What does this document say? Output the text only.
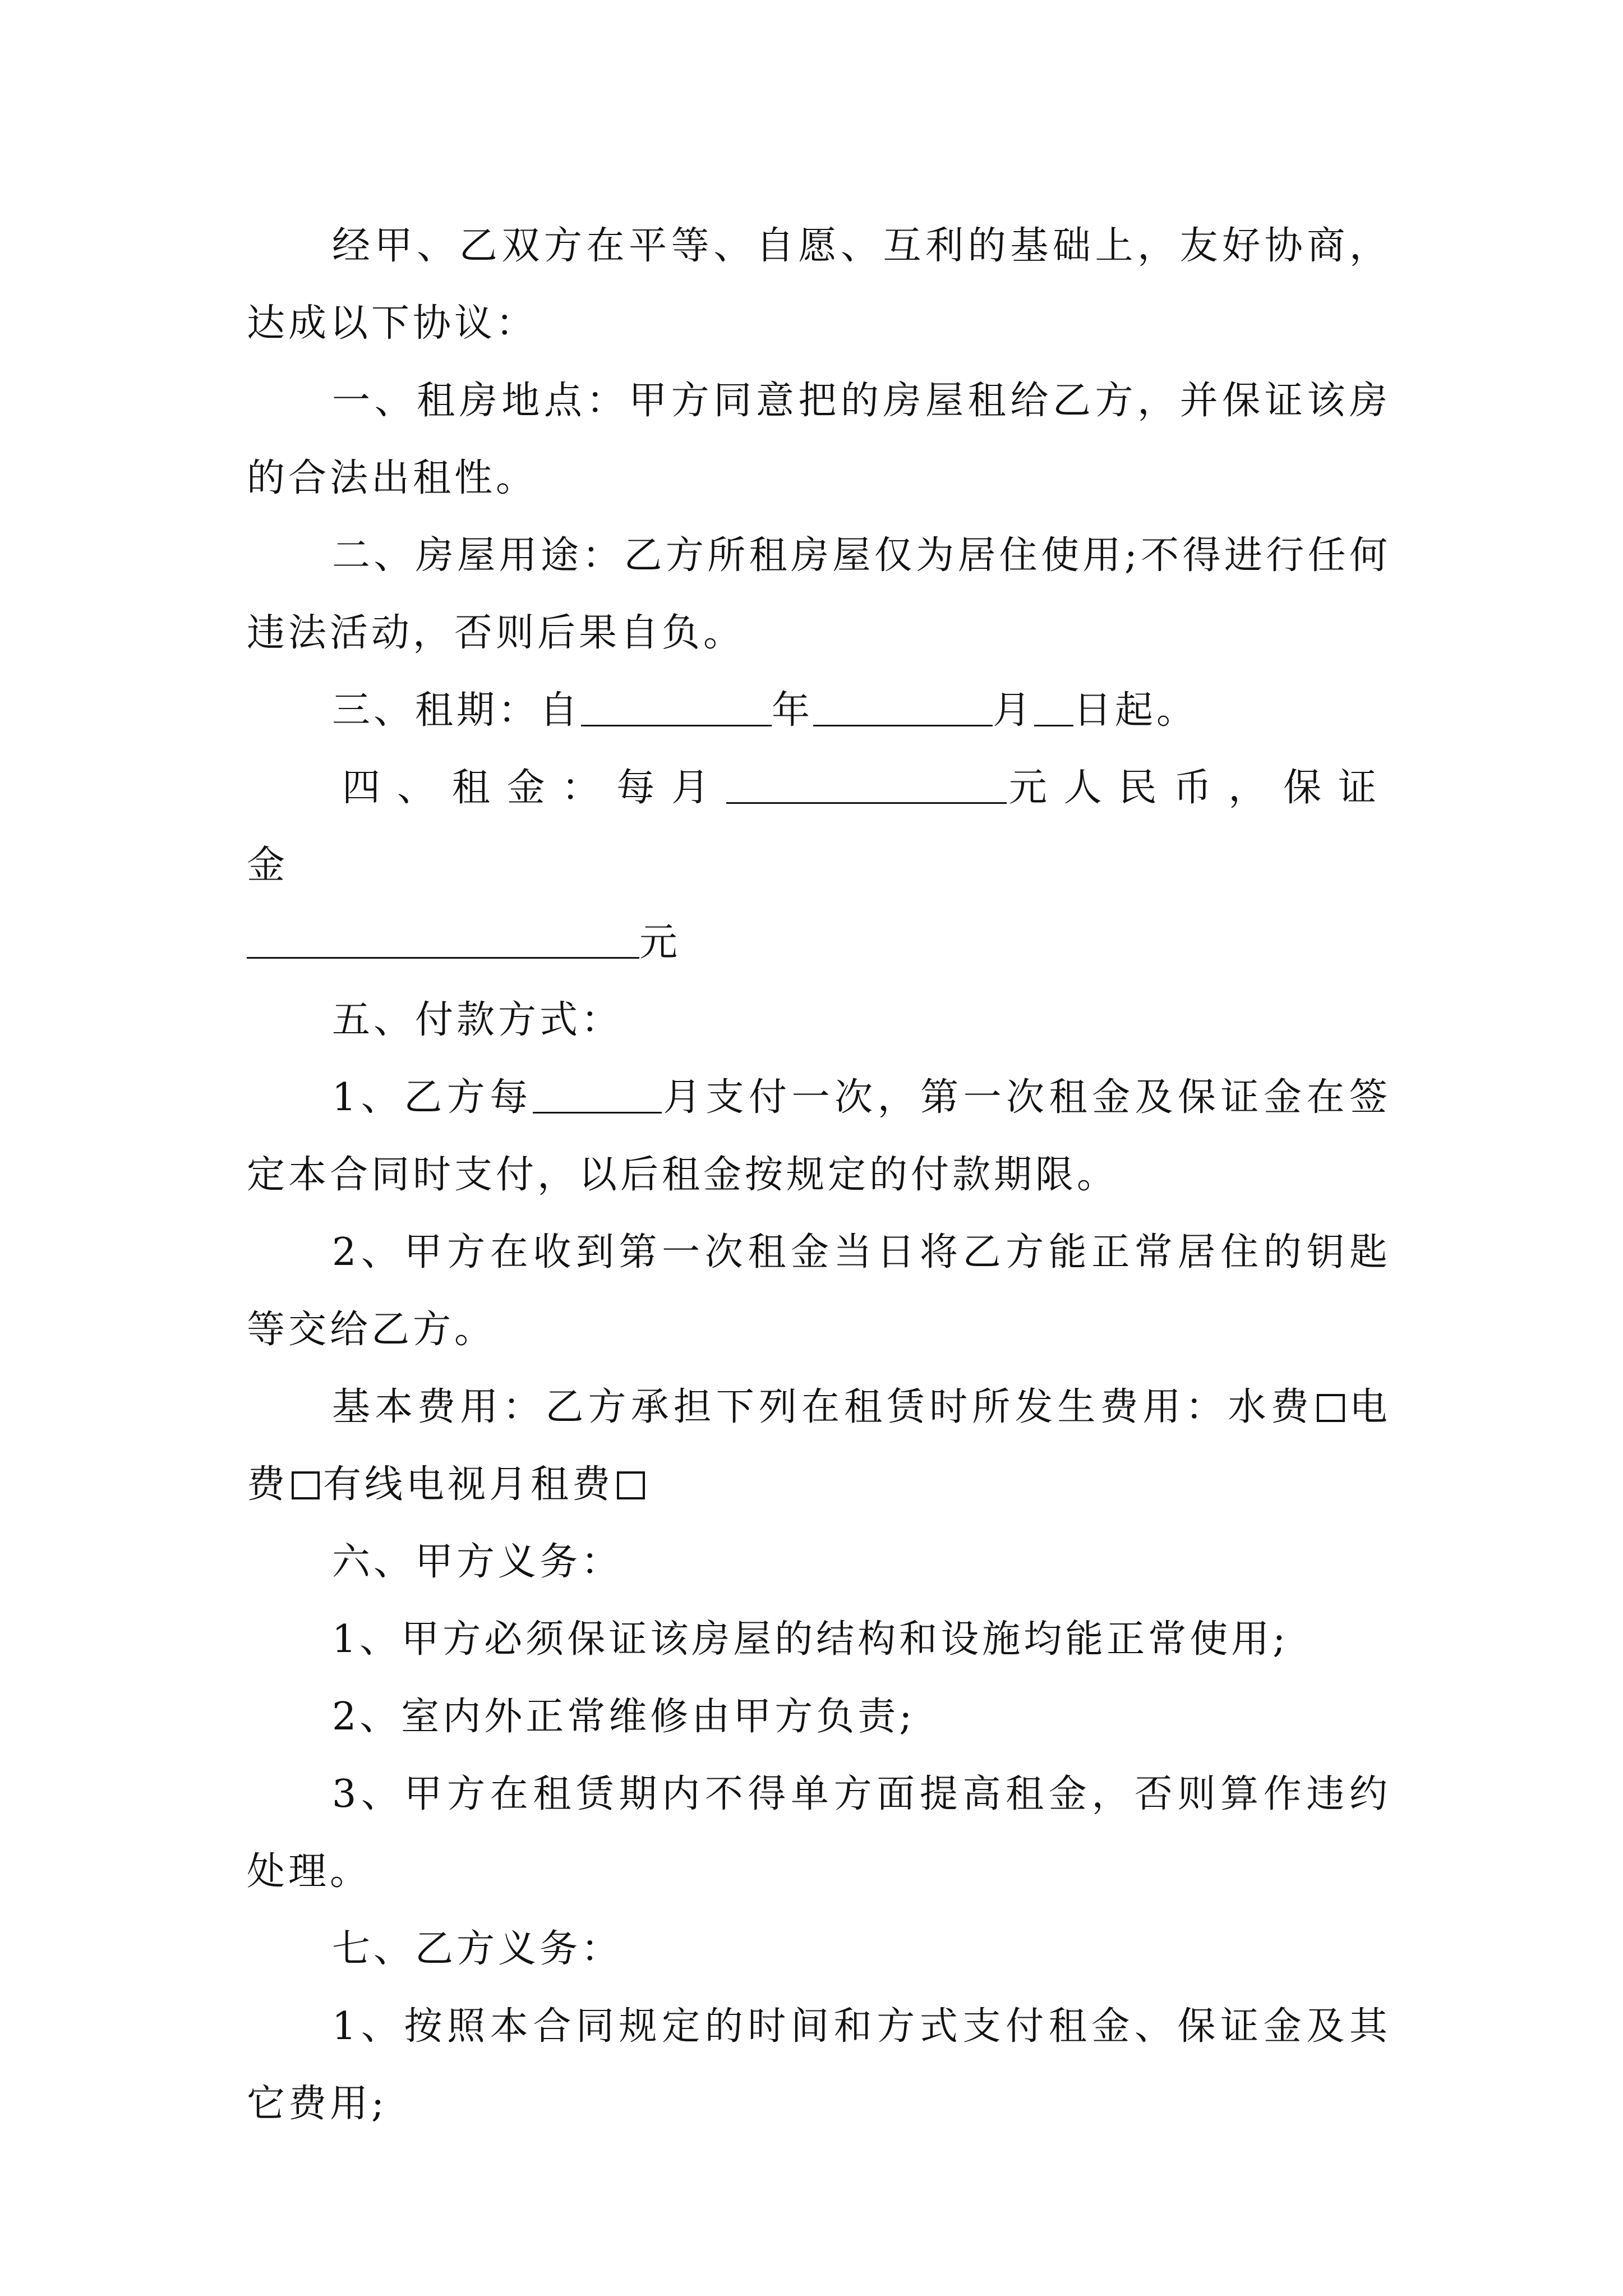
经甲、乙双方在平等、自愿、互利的基础上，友好协商，达成以下协议：

一、租房地点：甲方同意把的房屋租给乙方，并保证该房的合法出租性。

二、房屋用途：乙方所租房屋仅为居住使用;不得进行任何违法活动，否则后果自负。

三、租期：自	年	月 日起。

四、租金：每月	元人民币，保证金
元

五、付款方式：

1、乙方每	月支付一次，第一次租金及保证金在签定本合同时支付，以后租金按规定的付款期限。

2、甲方在收到第一次租金当日将乙方能正常居住的钥匙等交给乙方。

基本费用：乙方承担下列在租赁时所发生费用：水费 电费 有线电视月租费

六、甲方义务：

1、甲方必须保证该房屋的结构和设施均能正常使用;

2、室内外正常维修由甲方负责;

3、甲方在租赁期内不得单方面提高租金，否则算作违约处理。

七、乙方义务：

1、按照本合同规定的时间和方式支付租金、保证金及其它费用;
